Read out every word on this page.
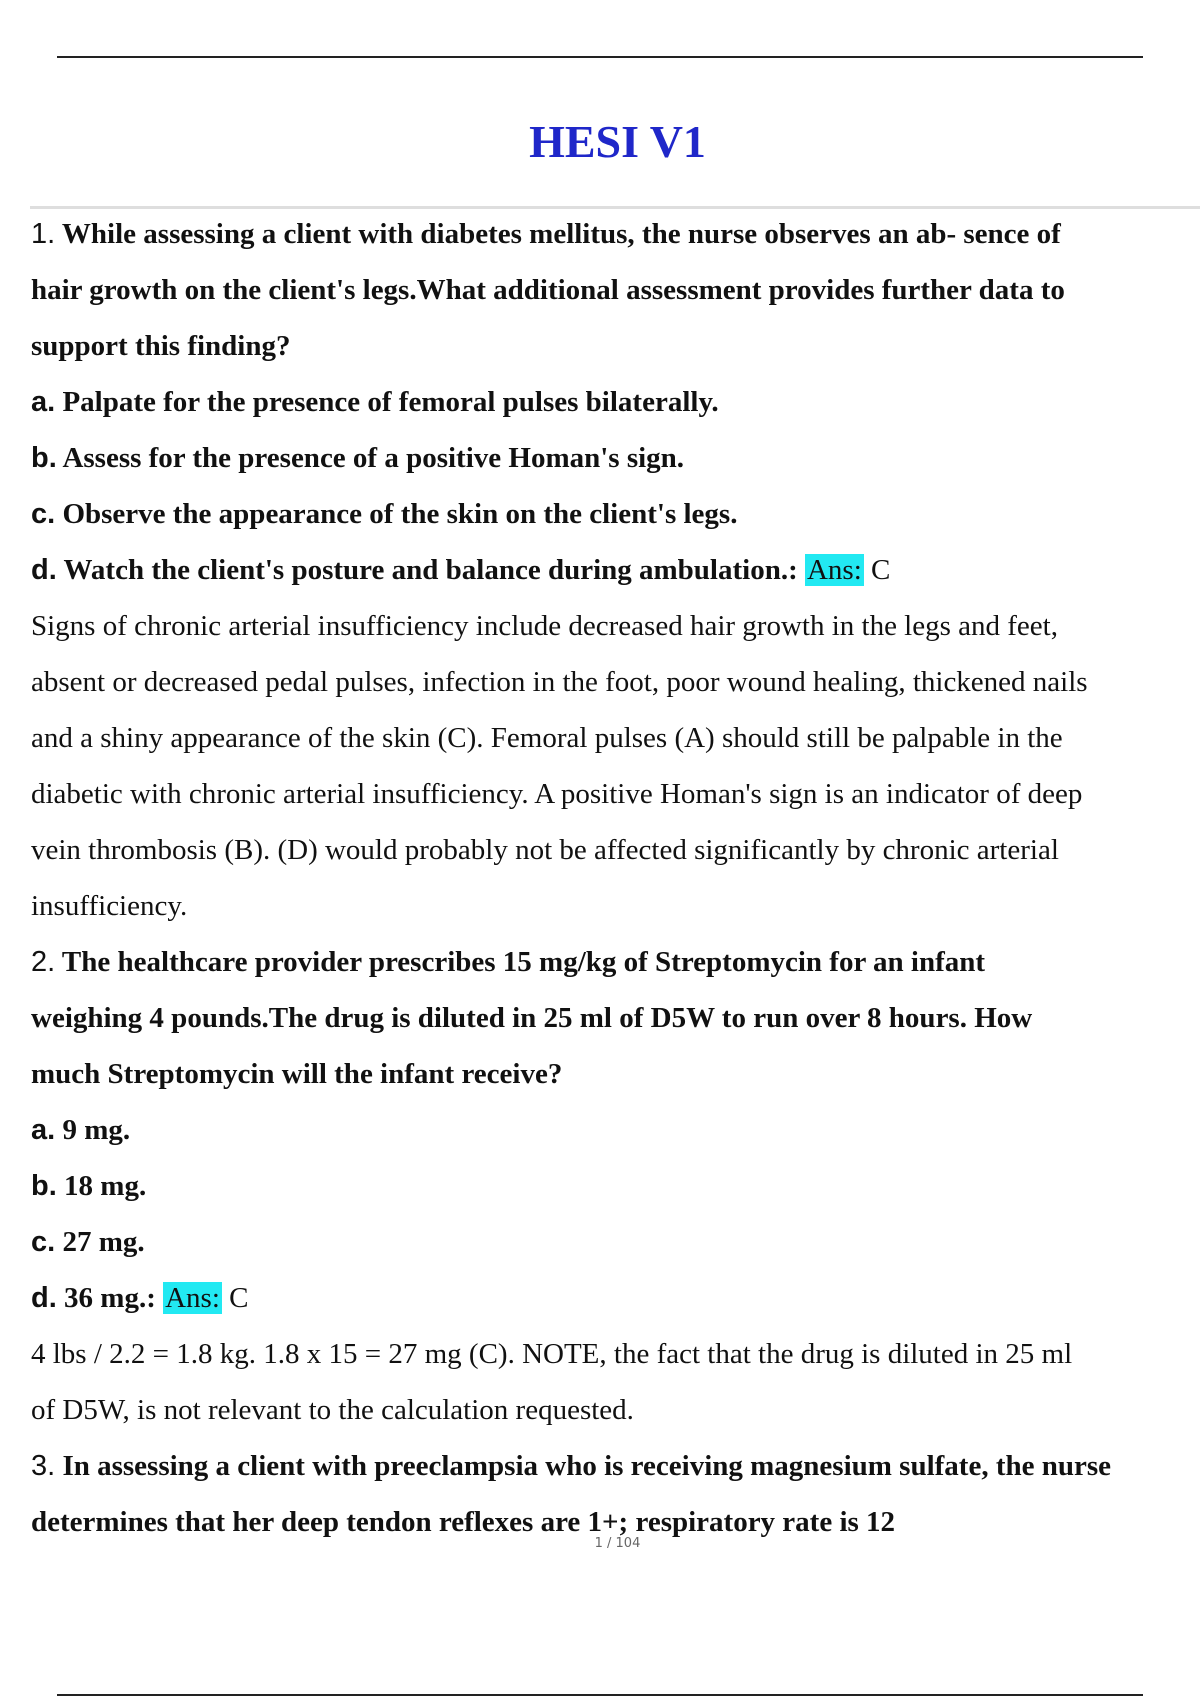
HESI V1
1. While assessing a client with diabetes mellitus, the nurse observes an ab- sence of
hair growth on the client's legs.What additional assessment provides further data to
support this finding?
a. Palpate for the presence of femoral pulses bilaterally.
b. Assess for the presence of a positive Homan's sign.
c. Observe the appearance of the skin on the client's legs.
d. Watch the client's posture and balance during ambulation.: Ans: C
Signs of chronic arterial insufficiency include decreased hair growth in the legs and feet,
absent or decreased pedal pulses, infection in the foot, poor wound healing, thickened nails
and a shiny appearance of the skin (C). Femoral pulses (A) should still be palpable in the
diabetic with chronic arterial insufficiency. A positive Homan's sign is an indicator of deep
vein thrombosis (B). (D) would probably not be affected significantly by chronic arterial
insufficiency.
2. The healthcare provider prescribes 15 mg/kg of Streptomycin for an infant
weighing 4 pounds.The drug is diluted in 25 ml of D5W to run over 8 hours. How
much Streptomycin will the infant receive?
a. 9 mg.
b. 18 mg.
c. 27 mg.
d. 36 mg.: Ans: C
4 lbs / 2.2 = 1.8 kg. 1.8 x 15 = 27 mg (C). NOTE, the fact that the drug is diluted in 25 ml
of D5W, is not relevant to the calculation requested.
3. In assessing a client with preeclampsia who is receiving magnesium sulfate, the nurse
determines that her deep tendon reflexes are 1+; respiratory rate is 12
1 / 104
